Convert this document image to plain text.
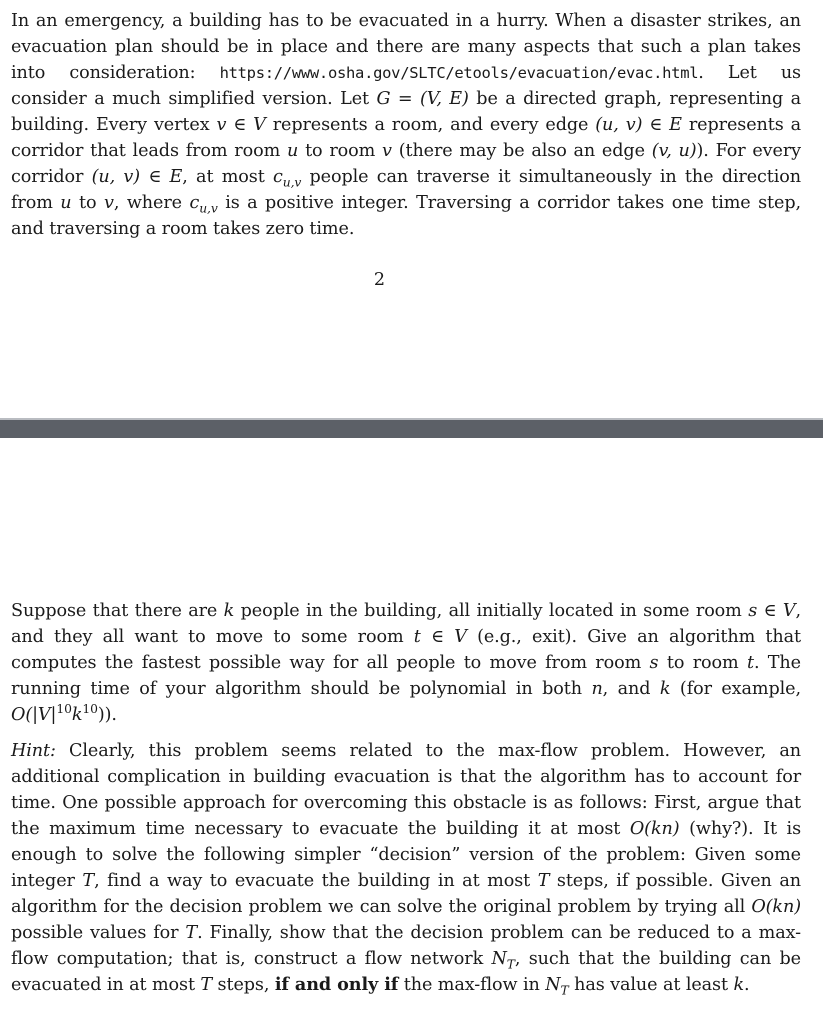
In an emergency, a building has to be evacuated in a hurry. When a disaster strikes, an evacuation plan should be in place and there are many aspects that such a plan takes into consideration: https://www.osha.gov/SLTC/etools/evacuation/evac.html. Let us consider a much simplified version. Let G = (V, E) be a directed graph, representing a building. Every vertex v ∈ V represents a room, and every edge (u, v) ∈ E represents a corridor that leads from room u to room v (there may be also an edge (v, u)). For every corridor (u, v) ∈ E, at most $c_{u,v}$ people can traverse it simultaneously in the direction from u to v, where $c_{u,v}$ is a positive integer. Traversing a corridor takes one time step, and traversing a room takes zero time.
2
Suppose that there are k people in the building, all initially located in some room s ∈ V, and they all want to move to some room t ∈ V (e.g., exit). Give an algorithm that computes the fastest possible way for all people to move from room s to room t. The running time of your algorithm should be polynomial in both n, and k (for example, $O(|V|^{10}k^{10})$).
Hint: Clearly, this problem seems related to the max-flow problem. However, an additional complication in building evacuation is that the algorithm has to account for time. One possible approach for overcoming this obstacle is as follows: First, argue that the maximum time necessary to evacuate the building it at most O(kn) (why?). It is enough to solve the following simpler “decision” version of the problem: Given some integer T, find a way to evacuate the building in at most T steps, if possible. Given an algorithm for the decision problem we can solve the original problem by trying all O(kn) possible values for T. Finally, show that the decision problem can be reduced to a max-flow computation; that is, construct a flow network $N_T$, such that the building can be evacuated in at most T steps, if and only if the max-flow in $N_T$ has value at least k.
